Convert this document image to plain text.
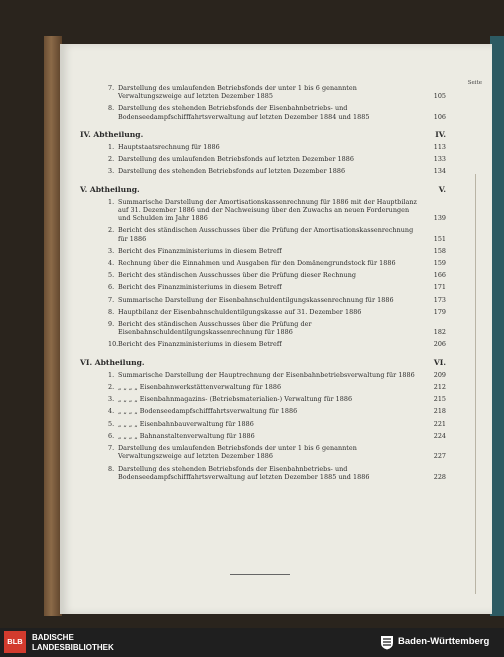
Seite
7. Darstellung des umlaufenden Betriebsfonds der unter 1 bis 6 genannten Verwaltungszweige auf letzten Dezember 1885	105
8. Darstellung des stehenden Betriebsfonds der Eisenbahnbetriebs- und Bodenseedampfschifffahrtsverwaltung auf letzten Dezember 1884 und 1885	106
IV. Abtheilung.	IV.
1. Hauptstaatsrechnung für 1886	113
2. Darstellung des umlaufenden Betriebsfonds auf letzten Dezember 1886	133
3. Darstellung des stehenden Betriebsfonds auf letzten Dezember 1886	134
V. Abtheilung.	V.
1. Summarische Darstellung der Amortisationskassenrechnung für 1886 mit der Hauptbilanz auf 31. Dezember 1886 und der Nachweisung über den Zuwachs an neuen Forderungen und Schulden im Jahr 1886	139
2. Bericht des ständischen Ausschusses über die Prüfung der Amortisationskassenrechnung für 1886	151
3. Bericht des Finanzministeriums in diesem Betreff	158
4. Rechnung über die Einnahmen und Ausgaben für den Domänengrundstock für 1886	159
5. Bericht des ständischen Ausschusses über die Prüfung dieser Rechnung	166
6. Bericht des Finanzministeriums in diesem Betreff	171
7. Summarische Darstellung der Eisenbahnschuldentilgungskassenrechnung für 1886	173
8. Hauptbilanz der Eisenbahnschuldentilgungskasse auf 31. Dezember 1886	179
9. Bericht des ständischen Ausschusses über die Prüfung der Eisenbahnschuldentilgungskassenrechnung für 1886	182
10. Bericht des Finanzministeriums in diesem Betreff	206
VI. Abtheilung.	VI.
1. Summarische Darstellung der Hauptrechnung der Eisenbahnbetriebsverwaltung für 1886	209
2. „ „ „ „ Eisenbahnwerkstättenverwaltung für 1886	212
3. „ „ „ „ Eisenbahnmagazins- (Betriebsmaterialien-) Verwaltung für 1886	215
4. „ „ „ „ Bodenseedampfschifffahrtsverwaltung für 1886	218
5. „ „ „ „ Eisenbahnbauverwaltung für 1886	221
6. „ „ „ „ Bahnanstaltenverwaltung für 1886	224
7. Darstellung des umlaufenden Betriebsfonds der unter 1 bis 6 genannten Verwaltungszweige auf letzten Dezember 1886	227
8. Darstellung des stehenden Betriebsfonds der Eisenbahnbetriebs- und Bodenseedampfschifffahrtsverwaltung auf letzten Dezember 1885 und 1886	228
BLB	BADISCHE
LANDESBIBLIOTHEK	Baden-Württemberg
